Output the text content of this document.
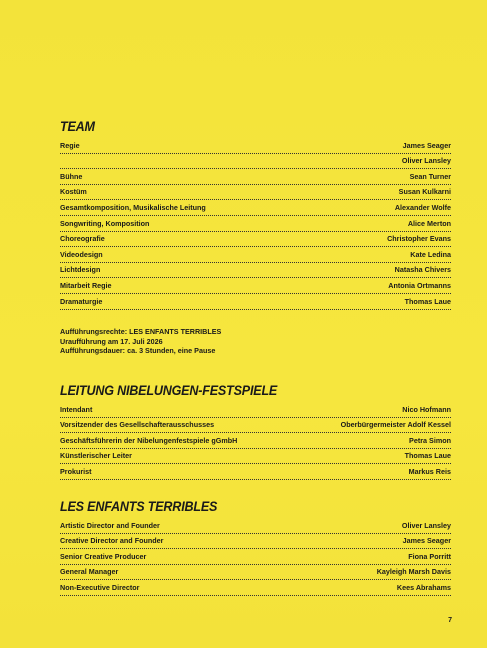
TEAM
Regie	James Seager
Oliver Lansley
Bühne	Sean Turner
Kostüm	Susan Kulkarni
Gesamtkomposition, Musikalische Leitung	Alexander Wolfe
Songwriting, Komposition	Alice Merton
Choreografie	Christopher Evans
Videodesign	Kate Ledina
Lichtdesign	Natasha Chivers
Mitarbeit Regie	Antonia Ortmanns
Dramaturgie	Thomas Laue
Aufführungsrechte: LES ENFANTS TERRIBLES
Uraufführung am 17. Juli 2026
Aufführungsdauer: ca. 3 Stunden, eine Pause
LEITUNG NIBELUNGEN-FESTSPIELE
Intendant	Nico Hofmann
Vorsitzender des Gesellschafterausschusses	Oberbürgermeister Adolf Kessel
Geschäftsführerin der Nibelungenfestspiele gGmbH	Petra Simon
Künstlerischer Leiter	Thomas Laue
Prokurist	Markus Reis
LES ENFANTS TERRIBLES
Artistic Director and Founder	Oliver Lansley
Creative Director and Founder	James Seager
Senior Creative Producer	Fiona Porritt
General Manager	Kayleigh Marsh Davis
Non-Executive Director	Kees Abrahams
7
